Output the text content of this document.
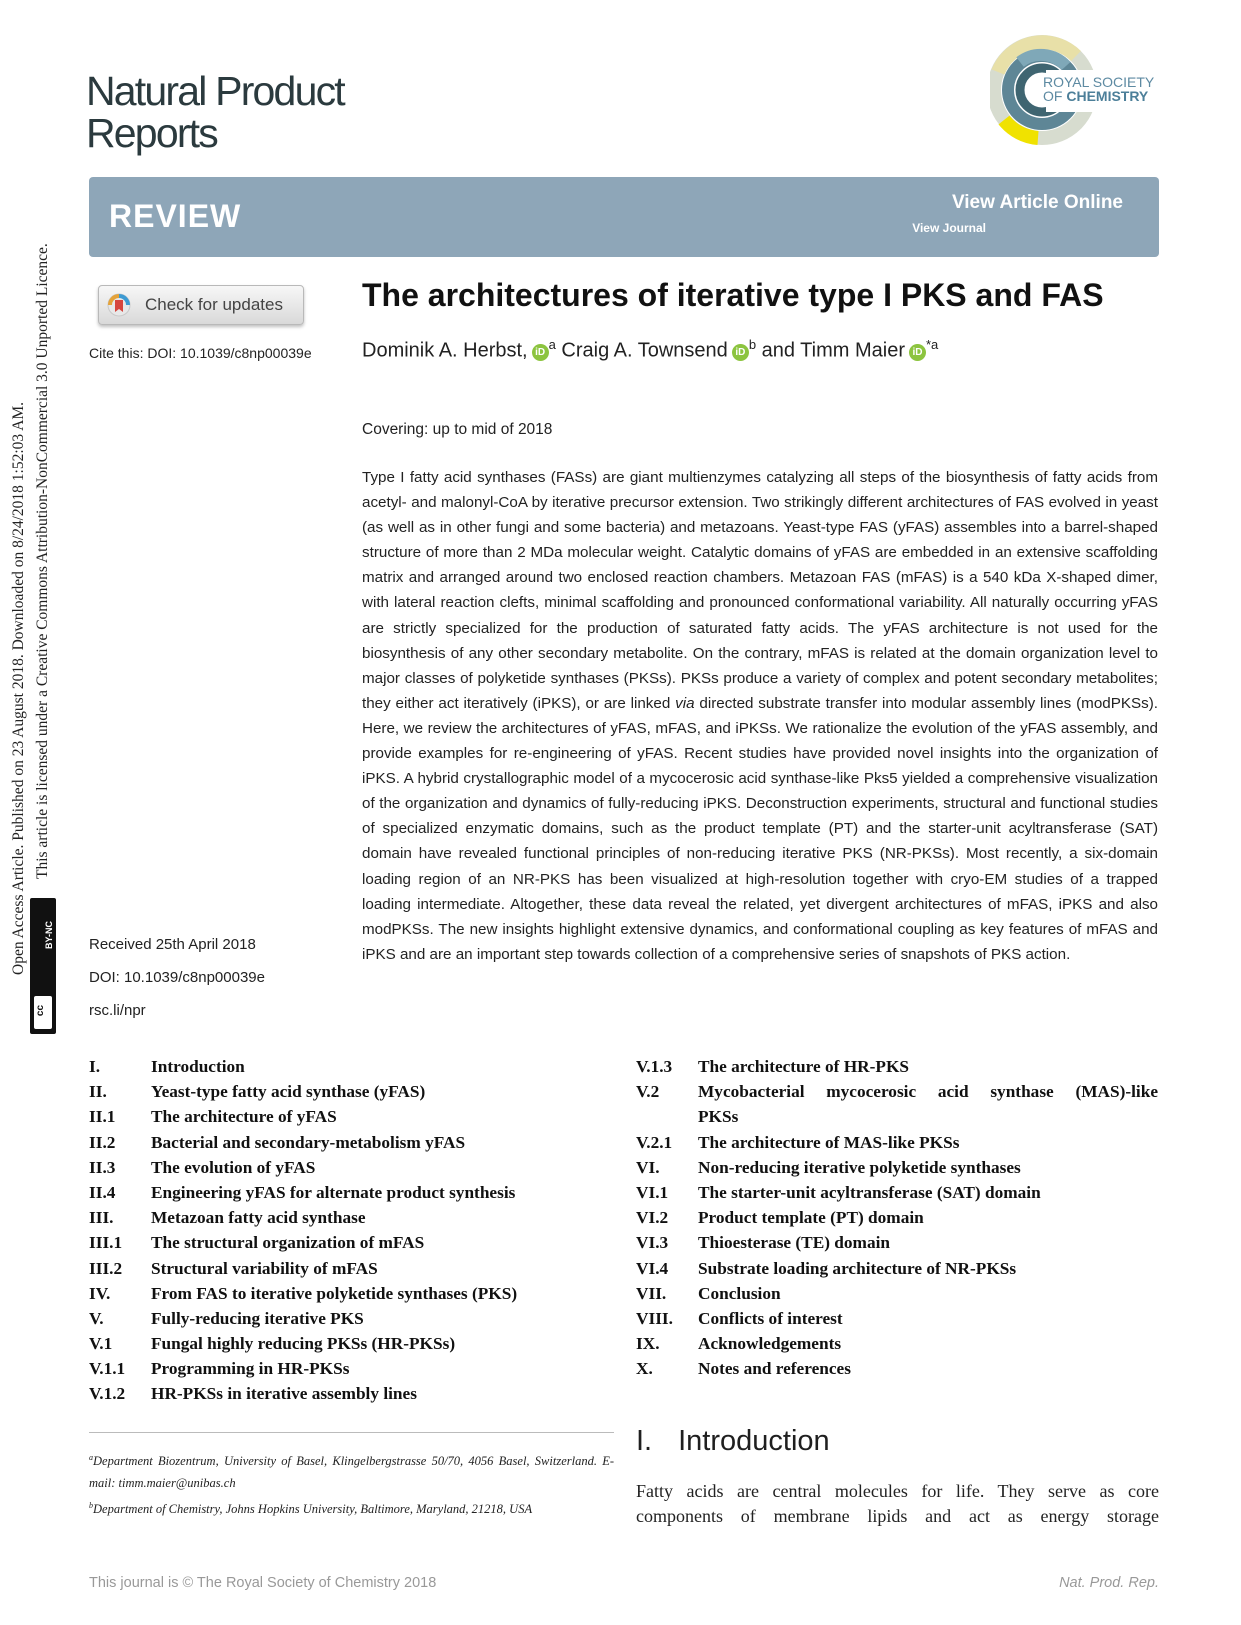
Natural Product
Reports
ROYAL SOCIETY
OF CHEMISTRY
REVIEW	View Article Online
View Journal
Open Access Article. Published on 23 August 2018. Downloaded on 8/24/2018 1:52:03 AM. This article is licensed under a Creative Commons Attribution-NonCommercial 3.0 Unported Licence.
BY-NC
cc
Check for updates
Cite this: DOI: 10.1039/c8np00039e
The architectures of iterative type I PKS and FAS
Dominik A. Herbst, $iD^a$ Craig A. Townsend $iD^b$ and Timm Maier $iD^{*a}$
Covering: up to mid of 2018
Type I fatty acid synthases (FASs) are giant multienzymes catalyzing all steps of the biosynthesis of fatty acids from acetyl- and malonyl-CoA by iterative precursor extension. Two strikingly different architectures of FAS evolved in yeast (as well as in other fungi and some bacteria) and metazoans. Yeast-type FAS (yFAS) assembles into a barrel-shaped structure of more than 2 MDa molecular weight. Catalytic domains of yFAS are embedded in an extensive scaffolding matrix and arranged around two enclosed reaction chambers. Metazoan FAS (mFAS) is a 540 kDa X-shaped dimer, with lateral reaction clefts, minimal scaffolding and pronounced conformational variability. All naturally occurring yFAS are strictly specialized for the production of saturated fatty acids. The yFAS architecture is not used for the biosynthesis of any other secondary metabolite. On the contrary, mFAS is related at the domain organization level to major classes of polyketide synthases (PKSs). PKSs produce a variety of complex and potent secondary metabolites; they either act iteratively (iPKS), or are linked via directed substrate transfer into modular assembly lines (modPKSs). Here, we review the architectures of yFAS, mFAS, and iPKSs. We rationalize the evolution of the yFAS assembly, and provide examples for re-engineering of yFAS. Recent studies have provided novel insights into the organization of iPKS. A hybrid crystallographic model of a mycocerosic acid synthase-like Pks5 yielded a comprehensive visualization of the organization and dynamics of fully-reducing iPKS. Deconstruction experiments, structural and functional studies of specialized enzymatic domains, such as the product template (PT) and the starter-unit acyltransferase (SAT) domain have revealed functional principles of non-reducing iterative PKS (NR-PKSs). Most recently, a six-domain loading region of an NR-PKS has been visualized at high-resolution together with cryo-EM studies of a trapped loading intermediate. Altogether, these data reveal the related, yet divergent architectures of mFAS, iPKS and also modPKSs. The new insights highlight extensive dynamics, and conformational coupling as key features of mFAS and iPKS and are an important step towards collection of a comprehensive series of snapshots of PKS action.
Received 25th April 2018
DOI: 10.1039/c8np00039e
rsc.li/npr
I.	Introduction
II.	Yeast-type fatty acid synthase (yFAS)
II.1 The architecture of yFAS
II.2 Bacterial and secondary-metabolism yFAS
II.3 The evolution of yFAS
II.4 Engineering yFAS for alternate product synthesis
III. Metazoan fatty acid synthase
III.1 The structural organization of mFAS
III.2 Structural variability of mFAS
IV. From FAS to iterative polyketide synthases (PKS)
V.	Fully-reducing iterative PKS
V.1 Fungal highly reducing PKSs (HR-PKSs)
V.1.1 Programming in HR-PKSs
V.1.2 HR-PKSs in iterative assembly lines
V.1.3 The architecture of HR-PKS
V.2 Mycobacterial mycocerosic acid synthase (MAS)-like
PKSs
V.2.1 The architecture of MAS-like PKSs
VI. Non-reducing iterative polyketide synthases
VI.1 The starter-unit acyltransferase (SAT) domain
VI.2 Product template (PT) domain
VI.3 Thioesterase (TE) domain
VI.4 Substrate loading architecture of NR-PKSs
VII. Conclusion
VIII. Conflicts of interest
IX. Acknowledgements
X.	Notes and references

$^a$Department Biozentrum, University of Basel, Klingelbergstrasse 50/70, 4056 Basel, Switzerland. E-mail: timm.maier@unibas.ch

$^b$Department of Chemistry, Johns Hopkins University, Baltimore, Maryland, 21218, USA

I. Introduction
Fatty acids are central molecules for life. They serve as core components of membrane lipids and act as energy storage
This journal is © The Royal Society of Chemistry 2018	Nat. Prod. Rep.
